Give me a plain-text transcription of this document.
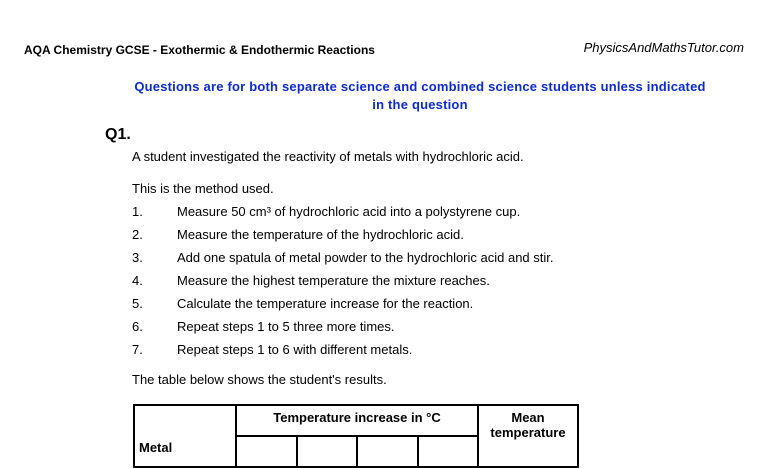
AQA Chemistry GCSE - Exothermic & Endothermic Reactions	PhysicsAndMathsTutor.com
Questions are for both separate science and combined science students unless indicated
in the question
Q1.
A student investigated the reactivity of metals with hydrochloric acid.
This is the method used.
1.	Measure 50 cm³ of hydrochloric acid into a polystyrene cup.
2.	Measure the temperature of the hydrochloric acid.
3.	Add one spatula of metal powder to the hydrochloric acid and stir.
4.	Measure the highest temperature the mixture reaches.
5.	Calculate the temperature increase for the reaction.
6.	Repeat steps 1 to 5 three more times.
7.	Repeat steps 1 to 6 with different metals.
The table below shows the student's results.
Metal	Temperature increase in °C				Mean
temperature
